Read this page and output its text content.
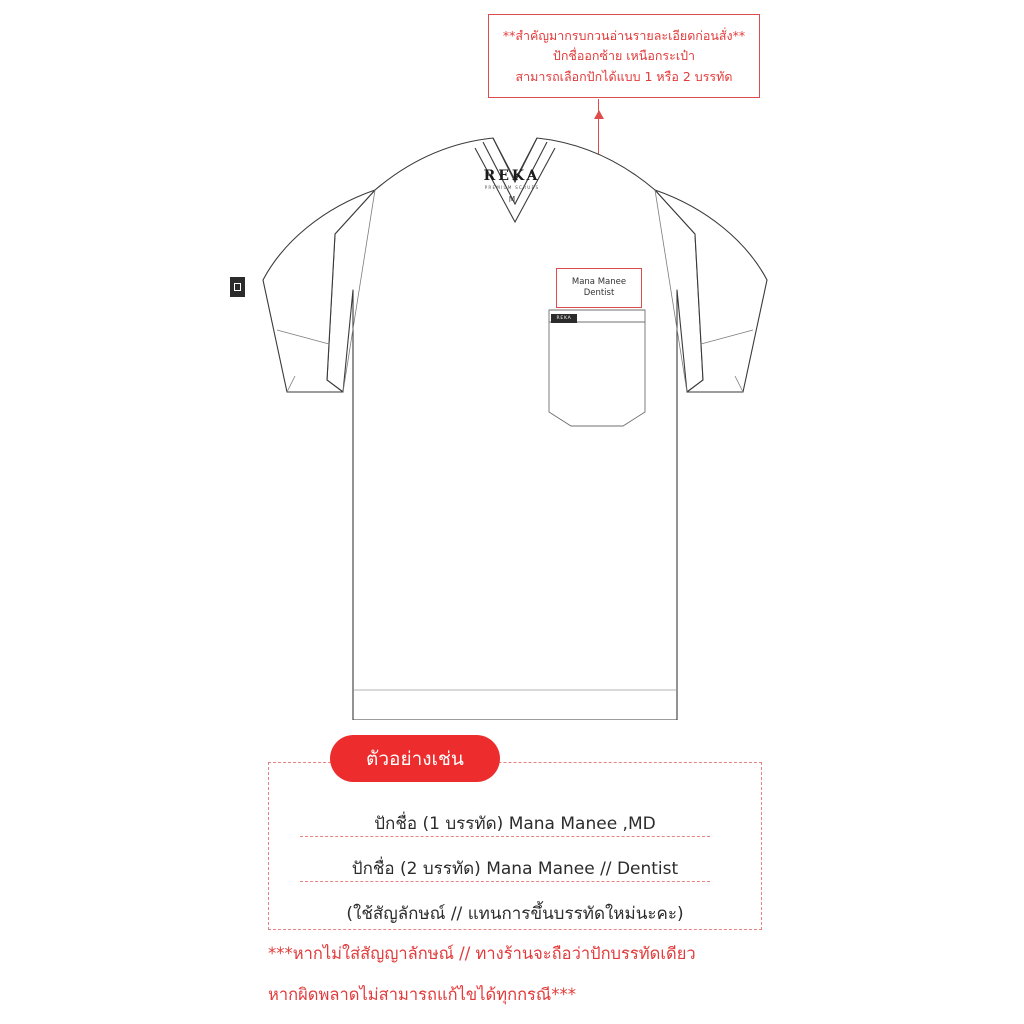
**สำคัญมากรบกวนอ่านรายละเอียดก่อนสั่ง**
ปักชื่ออกซ้าย เหนือกระเป๋า
สามารถเลือกปักได้แบบ 1 หรือ 2 บรรทัด
REKA
PREMIUM SCRUBS
M
REKA
Mana Manee
Dentist
ตัวอย่างเช่น
ปักชื่อ (1 บรรทัด) Mana Manee ,MD
ปักชื่อ (2 บรรทัด) Mana Manee // Dentist
(ใช้สัญลักษณ์ // แทนการขึ้นบรรทัดใหม่นะคะ)
***หากไม่ใส่สัญญาลักษณ์ // ทางร้านจะถือว่าปักบรรทัดเดียว
หากผิดพลาดไม่สามารถแก้ไขได้ทุกกรณี***
